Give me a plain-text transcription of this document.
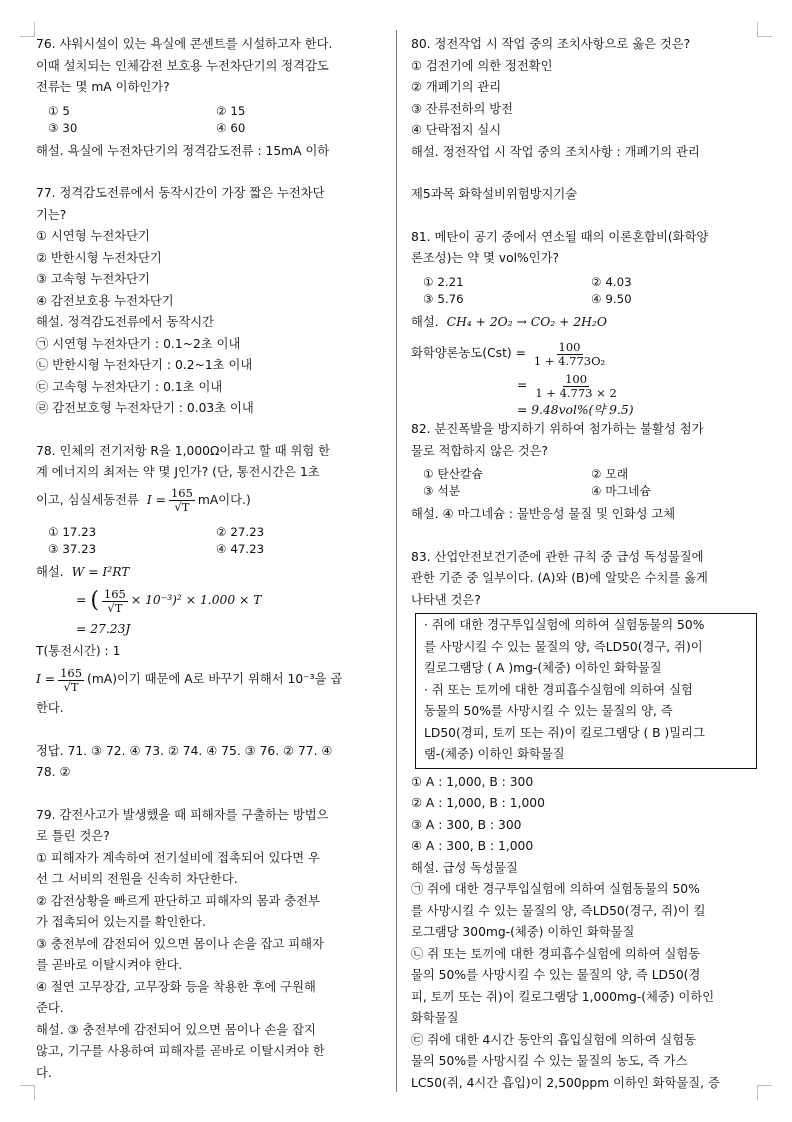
76. 샤워시설이 있는 욕실에 콘센트를 시설하고자 한다.

이때 설치되는 인체감전 보호용 누전차단기의 정격감도

전류는 몇 mA 이하인가?

① 5	② 15
③ 30	④ 60

해설. 욕실에 누전차단기의 정격감도전류 : 15mA 이하

77. 정격감도전류에서 동작시간이 가장 짧은 누전차단

기는?

① 시연형 누전차단기

② 반한시형 누전차단기

③ 고속형 누전차단기

④ 감전보호용 누전차단기

해설. 정격감도전류에서 동작시간

㉠ 시연형 누전차단기 : 0.1~2초 이내

㉡ 반한시형 누전차단기 : 0.2~1초 이내

㉢ 고속형 누전차단기 : 0.1초 이내

㉣ 감전보호형 누전차단기 : 0.03초 이내

78. 인체의 전기저항 R을 1,000Ω이라고 할 때 위험 한

계 에너지의 최저는 약 몇 J인가? (단, 통전시간은 1초

이고, 심실세동전류 $I = \frac{165}{√T}$ mA이다.)
① 17.23	② 27.23
③ 37.23	④ 47.23
해설. W = I²RT
= ( $\frac{165}{√T} \times 10^{-3})^2 \times 1.000 \times T$

= 27.23J

T(통전시간) : 1

$I = \frac{165}{√T} (mA)$이기 때문에 A로 바꾸기 위해서 10⁻³을 곱

한다.

정답. 71. ③ 72. ④ 73. ② 74. ④ 75. ③ 76. ② 77. ④

78. ②

79. 감전사고가 발생했을 때 피해자를 구출하는 방법으

로 틀린 것은?

① 피해자가 계속하여 전기설비에 접촉되어 있다면 우

선 그 서비의 전원을 신속히 차단한다.

② 감전상황을 빠르게 판단하고 피해자의 몸과 충전부

가 접촉되어 있는지를 확인한다.

③ 충전부에 감전되어 있으면 몸이나 손을 잡고 피해자

를 곧바로 이탈시켜야 한다.

④ 절연 고무장갑, 고무장화 등을 착용한 후에 구원해

준다.

해설. ③ 충전부에 감전되어 있으면 몸이나 손을 잡지

않고, 기구를 사용하여 피해자를 곧바로 이탈시켜야 한

다.

80. 정전작업 시 작업 중의 조치사항으로 옳은 것은?

① 검전기에 의한 정전확인

② 개폐기의 관리

③ 잔류전하의 방전

④ 단락접지 실시

해설. 정전작업 시 작업 중의 조치사항 : 개폐기의 관리

제5과목 화학설비위험방지기술

81. 메탄이 공기 중에서 연소될 때의 이론혼합비(화학양

론조성)는 약 몇 vol%인가?

① 2.21	② 4.03
③ 5.76	④ 9.50
해설. CH₄ + 2O₂ → CO₂ + 2H₂O
화학양론농도$(Cst) = \frac{100}{\text{1 + 4.773O₂}}$
= $\frac{100}{1 + 4.773 \times 2}$

= 9.48vol%(약 9.5)

82. 분진폭발을 방지하기 위하여 첨가하는 불활성 첨가

물로 적합하지 않은 것은?

① 탄산칼슘	② 모래
③ 석분	④ 마그네슘

해설. ④ 마그네슘 : 물반응성 물질 및 인화성 고체

83. 산업안전보건기준에 관한 규칙 중 급성 독성물질에

관한 기준 중 일부이다. (A)와 (B)에 알맞은 수치를 옳게

나타낸 것은?

· 쥐에 대한 경구투입실험에 의하여 실험동물의 50%

를 사망시킬 수 있는 물질의 양, 즉LD50(경구, 쥐)이

킬로그램당 ( A )mg-(체중) 이하인 화학물질

· 쥐 또는 토끼에 대한 경피흡수실험에 의하여 실험

동물의 50%를 사망시킬 수 있는 물질의 양, 즉

LD50(경피, 토끼 또는 쥐)이 킬로그램당 ( B )밀리그

램-(체중) 이하인 화학물질

① A : 1,000, B : 300

② A : 1,000, B : 1,000

③ A : 300, B : 300

④ A : 300, B : 1,000

해설. 급성 독성물질

㉠ 쥐에 대한 경구투입실험에 의하여 실험동물의 50%

를 사망시킬 수 있는 물질의 양, 즉LD50(경구, 쥐)이 킬

로그램당 300mg-(체중) 이하인 화학물질

㉡ 쥐 또는 토끼에 대한 경피흡수실험에 의하여 실험동

물의 50%를 사망시킬 수 있는 물질의 양, 즉 LD50(경

피, 토끼 또는 쥐)이 킬로그램당 1,000mg-(체중) 이하인

화학물질

㉢ 쥐에 대한 4시간 동안의 흡입실험에 의하여 실험동

물의 50%를 사망시킬 수 있는 물질의 농도, 즉 가스

LC50(쥐, 4시간 흡입)이 2,500ppm 이하인 화학물질, 증
